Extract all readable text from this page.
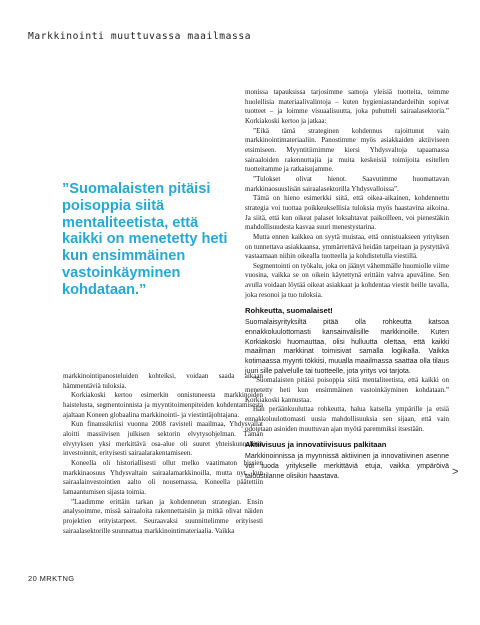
Markkinointi muuttuvassa maailmassa
”Suomalaisten pitäisi poisoppia siitä mentaliteetista, että kaikki on menetetty heti kun ensimmäinen vastoinkäyminen kohdataan.”

markkinointipanosteluiden kohteiksi, voidaan saada aikaan hämmentäviä tuloksia.

Korkiakoski kertoo esimerkin onnistuneesta markkinoiden haistelusta, segmentoinnista ja myyntitoimenpiteiden kohdentamisesta ajaltaan Koneen globaalina markkinointi- ja viestintäjohtajana.

Kun finanssikriisi vuonna 2008 ravisteli maailmaa, Yhdysvallat aloitti massiivisen julkisen sektorin elvytysohjelman. Tämän elvytyksen yksi merkittävä osa-alue oli suuret yhteiskunnalliset investoinnit, erityisesti sairaalarakentamiseen.

Koneella oli historiallisesti ollut melko vaatimaton hissien markkinaosuus Yhdysvaltain sairaalamarkkinoilla, mutta nyt, kun sairaalainvestointien aalto oli nousemassa, Koneella päätettiin lamaantumisen sijasta toimia.

”Laadimme erittäin tarkan ja kohdennetun strategian. Ensin analysoimme, missä sairaaloita rakennettaisiin ja mitkä olivat näiden projektien erityistarpeet. Seuraavaksi suunnittelimme erityisesti sairaalasektorille suunnattua markkinointimateriaalia. Vaikka

monissa tapauksissa tarjosimme samoja yleisiä tuotteita, teimme huolellisia materiaalivalintoja – kuten hygieniastandardeihin sopivat tuotteet – ja loimme visuaalisuutta, joka puhutteli sairaalasektoria.” Korkiakoski kertoo ja jatkaa:

”Eikä tämä strateginen kohdennus rajoittunut vain markkinointimateriaaliin. Panostimme myös asiakkaiden aktiiviseen etsimiseen. Myyntitiimimme kiersi Yhdysvaltoja tapaamassa sairaaloiden rakennuttajia ja muita keskeisiä toimijoita esitellen tuotteitamme ja ratkaisujamme.

”Tulokset olivat hienot. Saavutimme huomattavan markkinaosuuslisän sairaalasektorilla Yhdysvalloissa”.

Tämä on hieno esimerkki siitä, että oikea-aikainen, kohdennettu strategia voi tuottaa poikkeuksellisia tuloksia myös haastavina aikoina. Ja siitä, että kun oikeat palaset loksahtavat paikoilleen, voi pienestäkin mahdollisuudesta kasvaa suuri menestystarina.

Mutta ennen kaikkea on syytä muistaa, että onnistuakseen yrityksen on tunnettava asiakkaansa, ymmärrettävä heidän tarpeitaan ja pystyttävä vastaamaan niihin oikealla tuotteella ja kohdistetulla viestillä.

Segmentointi on työkalu, joka on jäänyt vähemmälle huomiolle viime vuosina, vaikka se on oikein käytettynä erittäin vahva apuväline. Sen avulla voidaan löytää oikeat asiakkaat ja kohdentaa viestit heille tavalla, joka resonoi ja tuo tuloksia.

Rohkeutta, suomalaiset!

Suomalaisyrityksiltä pitää olla rohkeutta katsoa ennakkoluulottomasti kansainvälisille markkinoille. Kuten Korkiakoski huomauttaa, olisi hulluutta olettaa, että kaikki maailman markkinat toimisivat samalla logiikalla. Vaikka kotimaassa myynti tökkisi, muualla maailmassa saattaa olla tilaus juuri sille palvelulle tai tuotteelle, jota yritys voi tarjota.

”Suomalaisten pitäisi poisoppia siitä mentaliteetista, että kaikki on menetetty heti kun ensimmäinen vastoinkäyminen kohdataan.” Korkiakoski kannustaa.

Hän peräänkuuluttaa rohkeutta, halua katsella ympärille ja etsiä ennakkoluulottomasti uusia mahdollisuuksia sen sijaan, että vain odotetaan asioiden muuttuvan ajan myötä paremmiksi itsestään.

Aktiivisuus ja innovatiivisuus palkitaan

Markkinoinnissa ja myynnissä aktiivinen ja innovatiivinen asenne voi tuoda yritykselle merkittäviä etuja, vaikka ympäröivä taloustilanne olisikin haastava.	>
20 MRKTNG
